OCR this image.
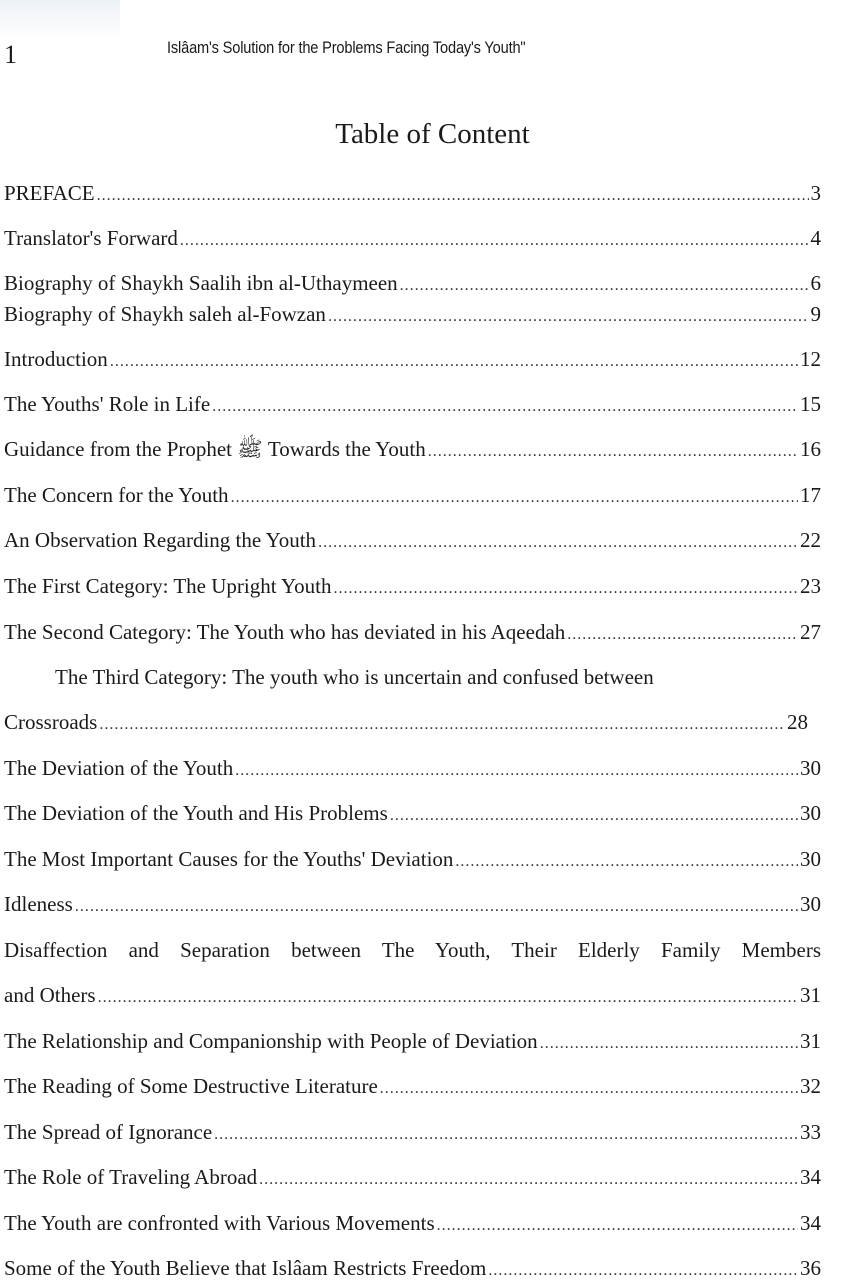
1	Islâam's Solution for the Problems Facing Today's Youth"
Table of Content
PREFACE .....	3
Translator's Forward .....	4
Biography of Shaykh Saalih ibn al-Uthaymeen .....	6
Biography of Shaykh saleh al-Fowzan .....	9
Introduction .....	12
The Youths' Role in Life .....	15
Guidance from the Prophet ﷺ Towards the Youth .....	16
The Concern for the Youth .....	17
An Observation Regarding the Youth .....	22
The First Category: The Upright Youth .....	23
The Second Category: The Youth who has deviated in his Aqeedah .....	27
The Third Category: The youth who is uncertain and confused between
Crossroads .....	28
The Deviation of the Youth .....	30
The Deviation of the Youth and His Problems .....	30
The Most Important Causes for the Youths' Deviation .....	30
Idleness .....	30
Disaffection and Separation between The Youth, Their Elderly Family Members
and Others .....	31
The Relationship and Companionship with People of Deviation .....	31
The Reading of Some Destructive Literature .....	32
The Spread of Ignorance .....	33
The Role of Traveling Abroad .....	34
The Youth are confronted with Various Movements .....	34
Some of the Youth Believe that Islâam Restricts Freedom .....	36
